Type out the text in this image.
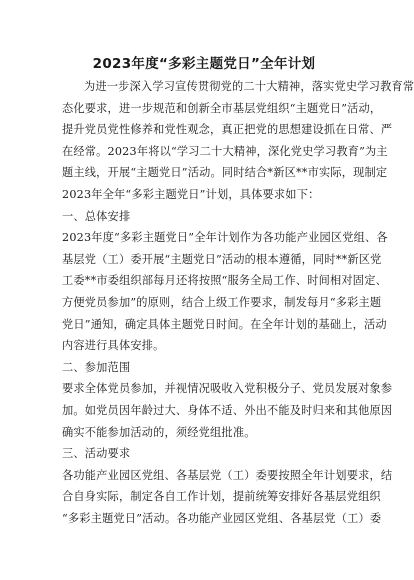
2023年度“多彩主题党日”全年计划
为进一步深入学习宣传贯彻党的二十大精神，落实党史学习教育常
态化要求，进一步规范和创新全市基层党组织“主题党日”活动，
提升党员党性修养和党性观念，真正把党的思想建设抓在日常、严
在经常。2023年将以“学习二十大精神，深化党史学习教育”为主
题主线，开展“主题党日”活动。同时结合*新区**市实际，现制定
2023年全年“多彩主题党日”计划，具体要求如下：
一、总体安排
2023年度“多彩主题党日”全年计划作为各功能产业园区党组、各
基层党（工）委开展“主题党日”活动的根本遵循，同时**新区党
工委**市委组织部每月还将按照“服务全局工作、时间相对固定、
方便党员参加”的原则，结合上级工作要求，制发每月“多彩主题
党日”通知，确定具体主题党日时间。在全年计划的基础上，活动
内容进行具体安排。
二、参加范围
要求全体党员参加，并视情况吸收入党积极分子、党员发展对象参
加。如党员因年龄过大、身体不适、外出不能及时归来和其他原因
确实不能参加活动的，须经党组批准。
三、活动要求
各功能产业园区党组、各基层党（工）委要按照全年计划要求，结
合自身实际，制定各自工作计划，提前统筹安排好各基层党组织
“多彩主题党日”活动。各功能产业园区党组、各基层党（工）委
